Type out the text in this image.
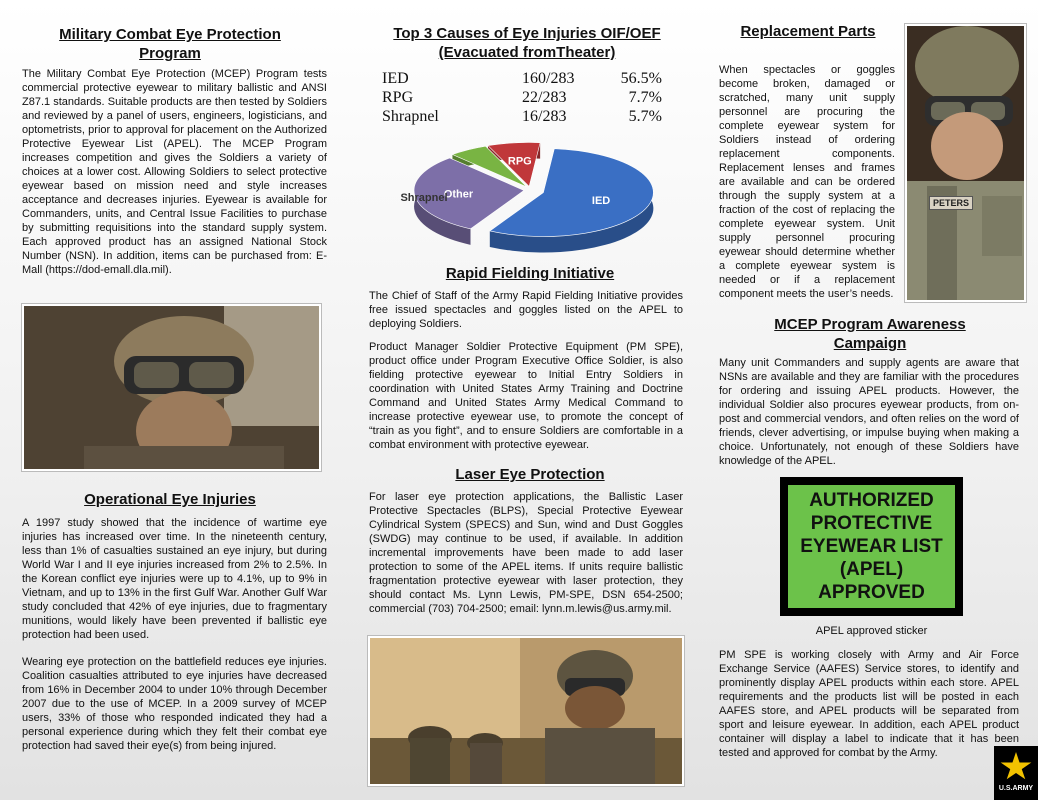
Military Combat Eye Protection Program
The Military Combat Eye Protection (MCEP) Program tests commercial protective eyewear to military ballistic and ANSI Z87.1 standards. Suitable products are then tested by Soldiers and reviewed by a panel of users, engineers, logisticians, and optometrists, prior to approval for placement on the Authorized Protective Eyewear List (APEL). The MCEP Program increases competition and gives the Soldiers a variety of choices at a lower cost. Allowing Soldiers to select protective eyewear based on mission need and style increases acceptance and decreases injuries. Eyewear is available for Commanders, units, and Central Issue Facilities to purchase by submitting requisitions into the standard supply system. Each approved product has an assigned National Stock Number (NSN). In addition, items can be purchased from: E-Mall (https://dod-emall.dla.mil).
Operational Eye Injuries
A 1997 study showed that the incidence of wartime eye injuries has increased over time. In the nineteenth century, less than 1% of casualties sustained an eye injury, but during World War I and II eye injuries increased from 2% to 2.5%. In the Korean conflict eye injuries were up to 4.1%, up to 9% in Vietnam, and up to 13% in the first Gulf War. Another Gulf War study concluded that 42% of eye injuries, due to fragmentary munitions, would likely have been prevented if ballistic eye protection had been used.
Wearing eye protection on the battlefield reduces eye injuries. Coalition casualties attributed to eye injuries have decreased from 16% in December 2004 to under 10% through December 2007 due to the use of MCEP. In a 2009 survey of MCEP users, 33% of those who responded indicated they had a personal experience during which they felt their combat eye protection had saved their eye(s) from being injured.
Top 3 Causes of Eye Injuries OIF/OEF (Evacuated fromTheater)
IED	160/283	56.5%
RPG	22/283	7.7%
Shrapnel	16/283	5.7%
IED
Other
Shrapnel
RPG
Rapid Fielding Initiative
The Chief of Staff of the Army Rapid Fielding Initiative provides free issued spectacles and goggles listed on the APEL to deploying Soldiers.
Product Manager Soldier Protective Equipment (PM SPE), product office under Program Executive Office Soldier, is also fielding protective eyewear to Initial Entry Soldiers in coordination with United States Army Training and Doctrine Command and United States Army Medical Command to increase protective eyewear use, to promote the concept of “train as you fight”, and to ensure Soldiers are comfortable in a combat environment with protective eyewear.
Laser Eye Protection
For laser eye protection applications, the Ballistic Laser Protective Spectacles (BLPS), Special Protective Eyewear Cylindrical System (SPECS) and Sun, wind and Dust Goggles (SWDG) may continue to be used, if available. In addition incremental improvements have been made to add laser protection to some of the APEL items. If units require ballistic fragmentation protective eyewear with laser protection, they should contact Ms. Lynn Lewis, PM-SPE, DSN 654-2500; commercial (703) 704-2500; email: lynn.m.lewis@us.army.mil.
Replacement Parts
When spectacles or goggles become broken, damaged or scratched, many unit supply personnel are procuring the complete eyewear system for Soldiers instead of ordering replacement components. Replacement lenses and frames are available and can be ordered through the supply system at a fraction of the cost of replacing the complete eyewear system. Unit supply personnel procuring eyewear should determine whether a complete eyewear system is needed or if a replacement component meets the user’s needs.
PETERS
MCEP Program Awareness Campaign
Many unit Commanders and supply agents are aware that NSNs are available and they are familiar with the procedures for ordering and issuing APEL products. However, the individual Soldier also procures eyewear products, from on-post and commercial vendors, and often relies on the word of friends, clever advertising, or impulse buying when making a choice. Unfortunately, not enough of these Soldiers have knowledge of the APEL.
AUTHORIZED
PROTECTIVE
EYEWEAR LIST
(APEL)
APPROVED
APEL approved sticker
PM SPE is working closely with Army and Air Force Exchange Service (AAFES) Service stores, to identify and prominently display APEL products within each store. APEL requirements and the products list will be posted in each AAFES store, and APEL products will be separated from sport and leisure eyewear. In addition, each APEL product container will display a label to indicate that it has been tested and approved for combat by the Army.
U.S.ARMY
